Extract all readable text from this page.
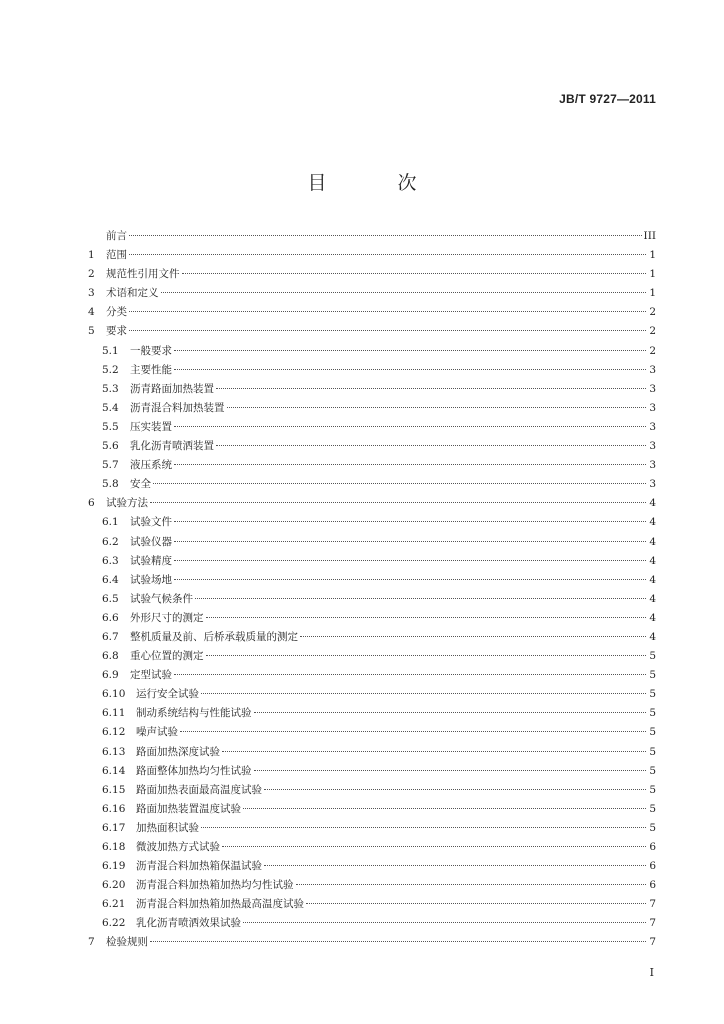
JB/T 9727—2011
目　次
前言	III
1	范围	1
2	规范性引用文件	1
3	术语和定义	1
4	分类	2
5	要求	2
5.1	一般要求	2
5.2	主要性能	3
5.3	沥青路面加热装置	3
5.4	沥青混合料加热装置	3
5.5	压实装置	3
5.6	乳化沥青喷洒装置	3
5.7	液压系统	3
5.8	安全	3
6	试验方法	4
6.1	试验文件	4
6.2	试验仪器	4
6.3	试验精度	4
6.4	试验场地	4
6.5	试验气候条件	4
6.6	外形尺寸的测定	4
6.7	整机质量及前、后桥承载质量的测定	4
6.8	重心位置的测定	5
6.9	定型试验	5
6.10	运行安全试验	5
6.11	制动系统结构与性能试验	5
6.12	噪声试验	5
6.13	路面加热深度试验	5
6.14	路面整体加热均匀性试验	5
6.15	路面加热表面最高温度试验	5
6.16	路面加热装置温度试验	5
6.17	加热面积试验	5
6.18	微波加热方式试验	6
6.19	沥青混合料加热箱保温试验	6
6.20	沥青混合料加热箱加热均匀性试验	6
6.21	沥青混合料加热箱加热最高温度试验	7
6.22	乳化沥青喷洒效果试验	7
7	检验规则	7
I
